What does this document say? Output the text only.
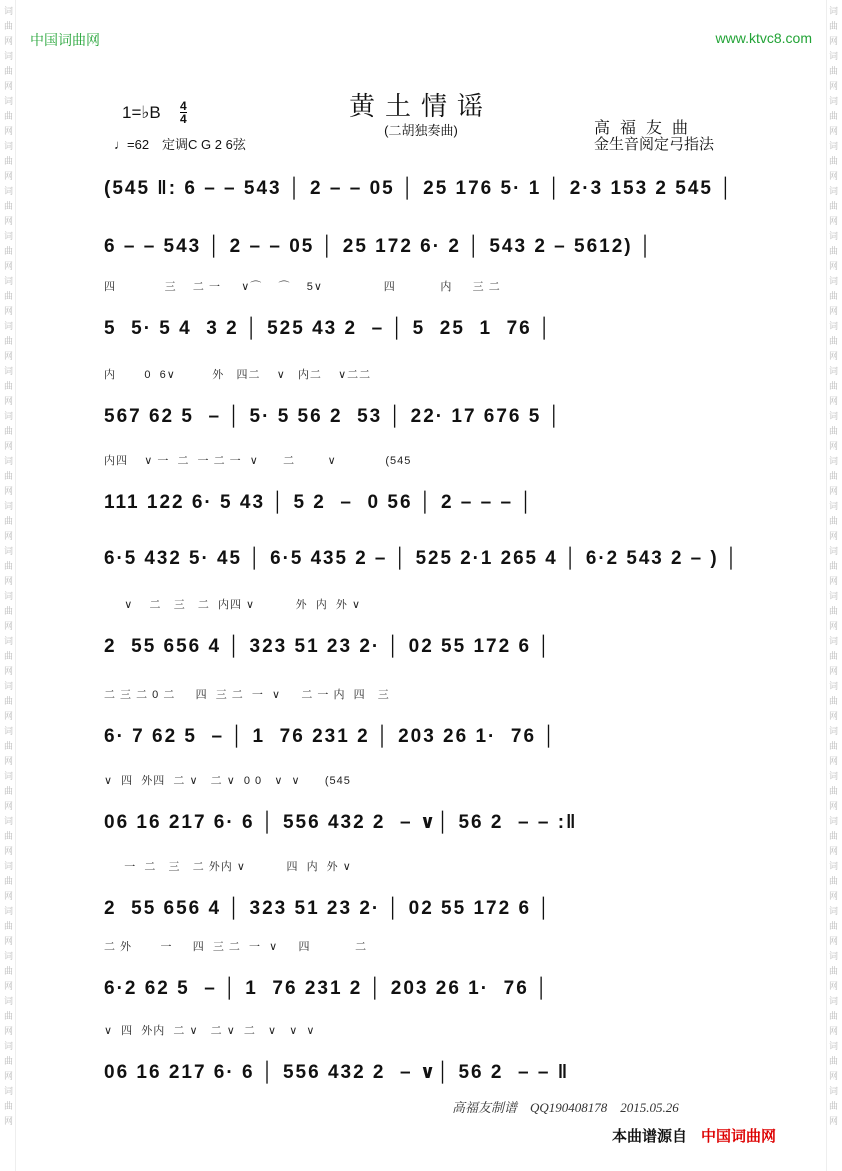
词
曲
网
词
曲
网
词
曲
网
词
曲
网
词
曲
网
词
曲
网
词
曲
网
词
曲
网
词
曲
网
词
曲
网
词
曲
网
词
曲
网
词
曲
网
词
曲
网
词
曲
网
词
曲
网
词
曲
网
词
曲
网
词
曲
网
词
曲
网
词
曲
网
词
曲
网
词
曲
网
词
曲
网
词
曲
网
词
曲
网
词
曲
网
词
曲
网
词
曲
网
词
曲
网
词
曲
网
词
曲
网
词
曲
网
词
曲
网
词
曲
网
词
曲
网
词
曲
网
词
曲
网
词
曲
网
词
曲
网
词
曲
网
词
曲
网
词
曲
网
词
曲
网
词
曲
网
词
曲
网
词
曲
网
词
曲
网
词
曲
网
词
曲
网
中国词曲网	www.ktvc8.com
黄土情谣
(二胡独奏曲)
1=♭B 4
4
♩=62　定调C G 2 6弦
高福友曲
金生音阅定弓指法
(545 ‖: 6 – – 543 │ 2 – – 05 │ 25 176 5· 1 │ 2·3 153 2 545 │
6 – – 543 │ 2 – – 05 │ 25 172 6· 2 │ 543 2 – 5612) │
四            三    二 一     ∨⌒    ⌒    5∨               四           内     三 二
5  5· 5 4  3 2 │ 525 43 2  – │ 5  25  1  76 │
内       0  6∨         外   四二    ∨   内二    ∨二二
567 62 5  – │ 5· 5 56 2  53 │ 22· 17 676 5 │
内四    ∨ 一  二  一 二 一  ∨      二        ∨            (545
111 122 6· 5 43 │ 5 2  –  0 56 │ 2 – – – │
6·5 432 5· 45 │ 6·5 435 2 – │ 525 2·1 265 4 │ 6·2 543 2 – ) │
∨    二   三   二  内四 ∨          外  内  外 ∨
2  55 656 4 │ 323 51 23 2· │ 02 55 172 6 │
二 三 二 0 二     四  三 二  一  ∨     二 一 内  四   三
6· 7 62 5  – │ 1  76 231 2 │ 203 26 1·  76 │
∨  四  外四  二 ∨   二 ∨  0 0   ∨  ∨      (545
06 16 217 6· 6 │ 556 432 2  – ∨│ 56 2  – – :‖
一  二   三   二 外内 ∨          四  内  外 ∨
2  55 656 4 │ 323 51 23 2· │ 02 55 172 6 │
二 外       一     四  三 二  一  ∨     四           二
6·2 62 5  – │ 1  76 231 2 │ 203 26 1·  76 │
∨  四  外内  二 ∨   二 ∨  二   ∨   ∨  ∨
06 16 217 6· 6 │ 556 432 2  – ∨│ 56 2  – – ‖
高福友制谱　QQ190408178　2015.05.26
本曲谱源自 中国词曲网
